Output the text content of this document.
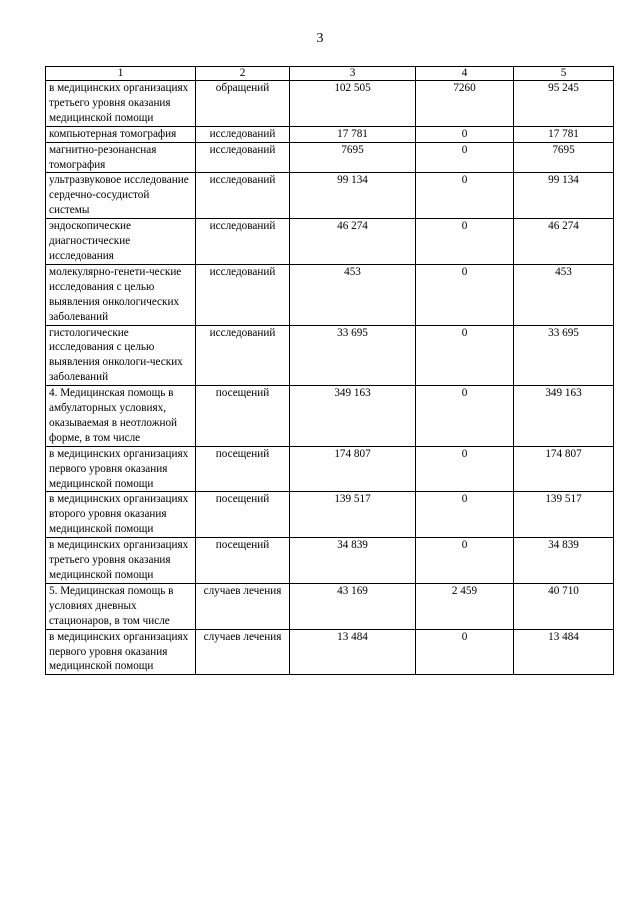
3
1	2	3	4	5
в медицинских организациях третьего уровня оказания медицинской помощи	обращений	102 505	7260	95 245
компьютерная томография	исследований	17 781	0	17 781
магнитно-резонансная томография	исследований	7695	0	7695
ультразвуковое исследование сердечно-сосудистой системы	исследований	99 134	0	99 134
эндоскопические диагностические исследования	исследований	46 274	0	46 274
молекулярно-генети-ческие исследования с целью выявления онкологических заболеваний	исследований	453	0	453
гистологические исследования с целью выявления онкологи-ческих заболеваний	исследований	33 695	0	33 695
4. Медицинская помощь в амбулаторных условиях, оказываемая в неотложной форме, в том числе	посещений	349 163	0	349 163
в медицинских организациях первого уровня оказания медицинской помощи	посещений	174 807	0	174 807
в медицинских организациях второго уровня оказания медицинской помощи	посещений	139 517	0	139 517
в медицинских организациях третьего уровня оказания медицинской помощи	посещений	34 839	0	34 839
5. Медицинская помощь в условиях дневных стационаров, в том числе	случаев лечения	43 169	2 459	40 710
в медицинских организациях первого уровня оказания медицинской помощи	случаев лечения	13 484	0	13 484
